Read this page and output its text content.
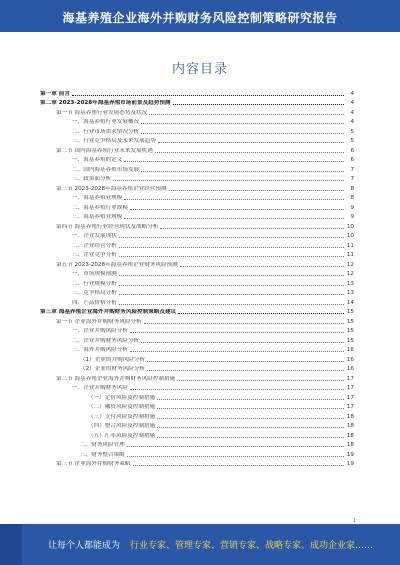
海基养殖企业海外并购财务风险控制策略研究报告
内容目录
第一章 前言	4
第二章 2023-2028年海基养殖市场前景及趋势预测	4
第一节 海基养殖行业发展态势及状况	4
一、海基养殖行业发展概况	4
二、行业市场需求情况分析	5
三、行业竞争格局及未来发展趋势	5
第二节 国内海基养殖行业未来发展机遇	6
一、海基养殖的定义	6
二、国内海基养殖市场发展	7
三、政策面分析	7
第三节 2023-2028年海基养殖企业经营预测	8
一、海基养殖业规模	8
二、海基养殖行业规模	9
三、海基养殖业规模	9
第四节 海基养殖行业经营现状及战略分析	10
一、企业发展现状	10
二、企业经营分析	11
三、企业竞争分析	11
第五节 2023-2028年海基养殖企业财务风险预测	12
一、市场规模预测	12
二、行业规模分析	13
三、竞争格局分析	13
四、产品价格分析	14
第三章 海基养殖企业海外并购财务风险控制策略及建议	15
第一节 企业海外并购财务风险分析	15
一、企业并购风险分析	15
二、企业并购财务风险分析	15
三、海外并购风险分析	16
（1）企业的并购风险分析	16
（2）企业的财务风险分析	16
第二节 海基养殖企业海外并购财务风险控制措施	17
一、企业并购财务风险	17
（一）定价风险及控制措施	17
（二）融资风险及控制措施	17
（三）支付风险及控制措施	18
（四）整合风险及控制措施	18
（五）汇率风险及控制措施	18
二、财务风险管理	18
三、财务整合策略	19
第三节 企业海外并购财务策略	19
1
让每个人都能成为 行业专家、管理专家、营销专家、战略专家、成功企业家……
